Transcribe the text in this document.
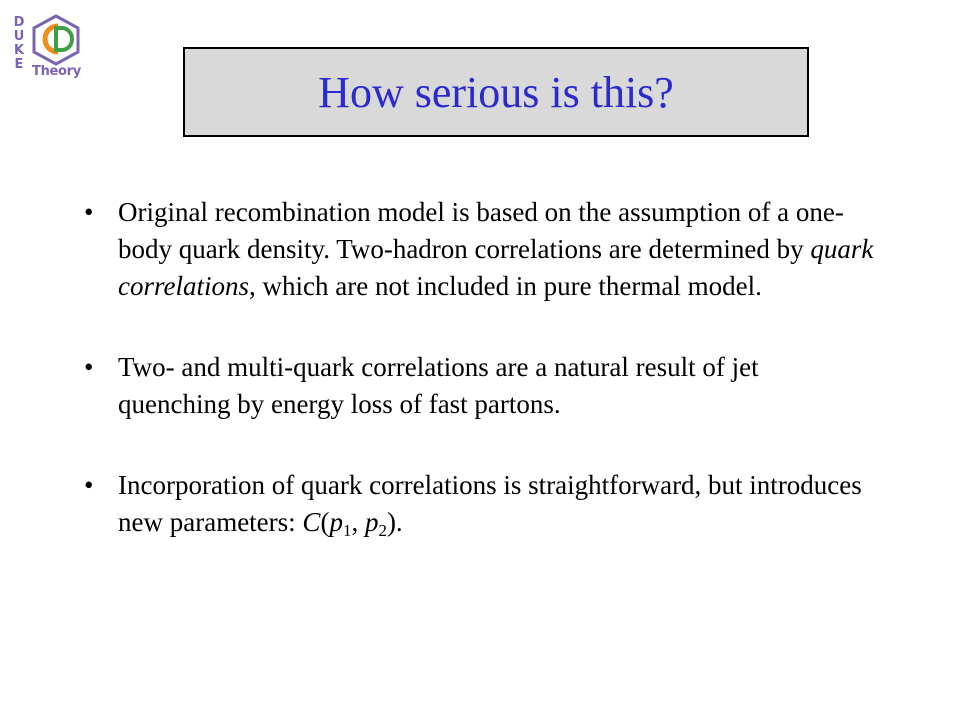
D
U
K
E Theory	How serious is this?
• Original recombination model is based on the assumption of a one-body quark density. Two-hadron correlations are determined by quark correlations, which are not included in pure thermal model.
• Two- and multi-quark correlations are a natural result of jet quenching by energy loss of fast partons.
• Incorporation of quark correlations is straightforward, but introduces new parameters: $C(p_1$, $p_2$).
